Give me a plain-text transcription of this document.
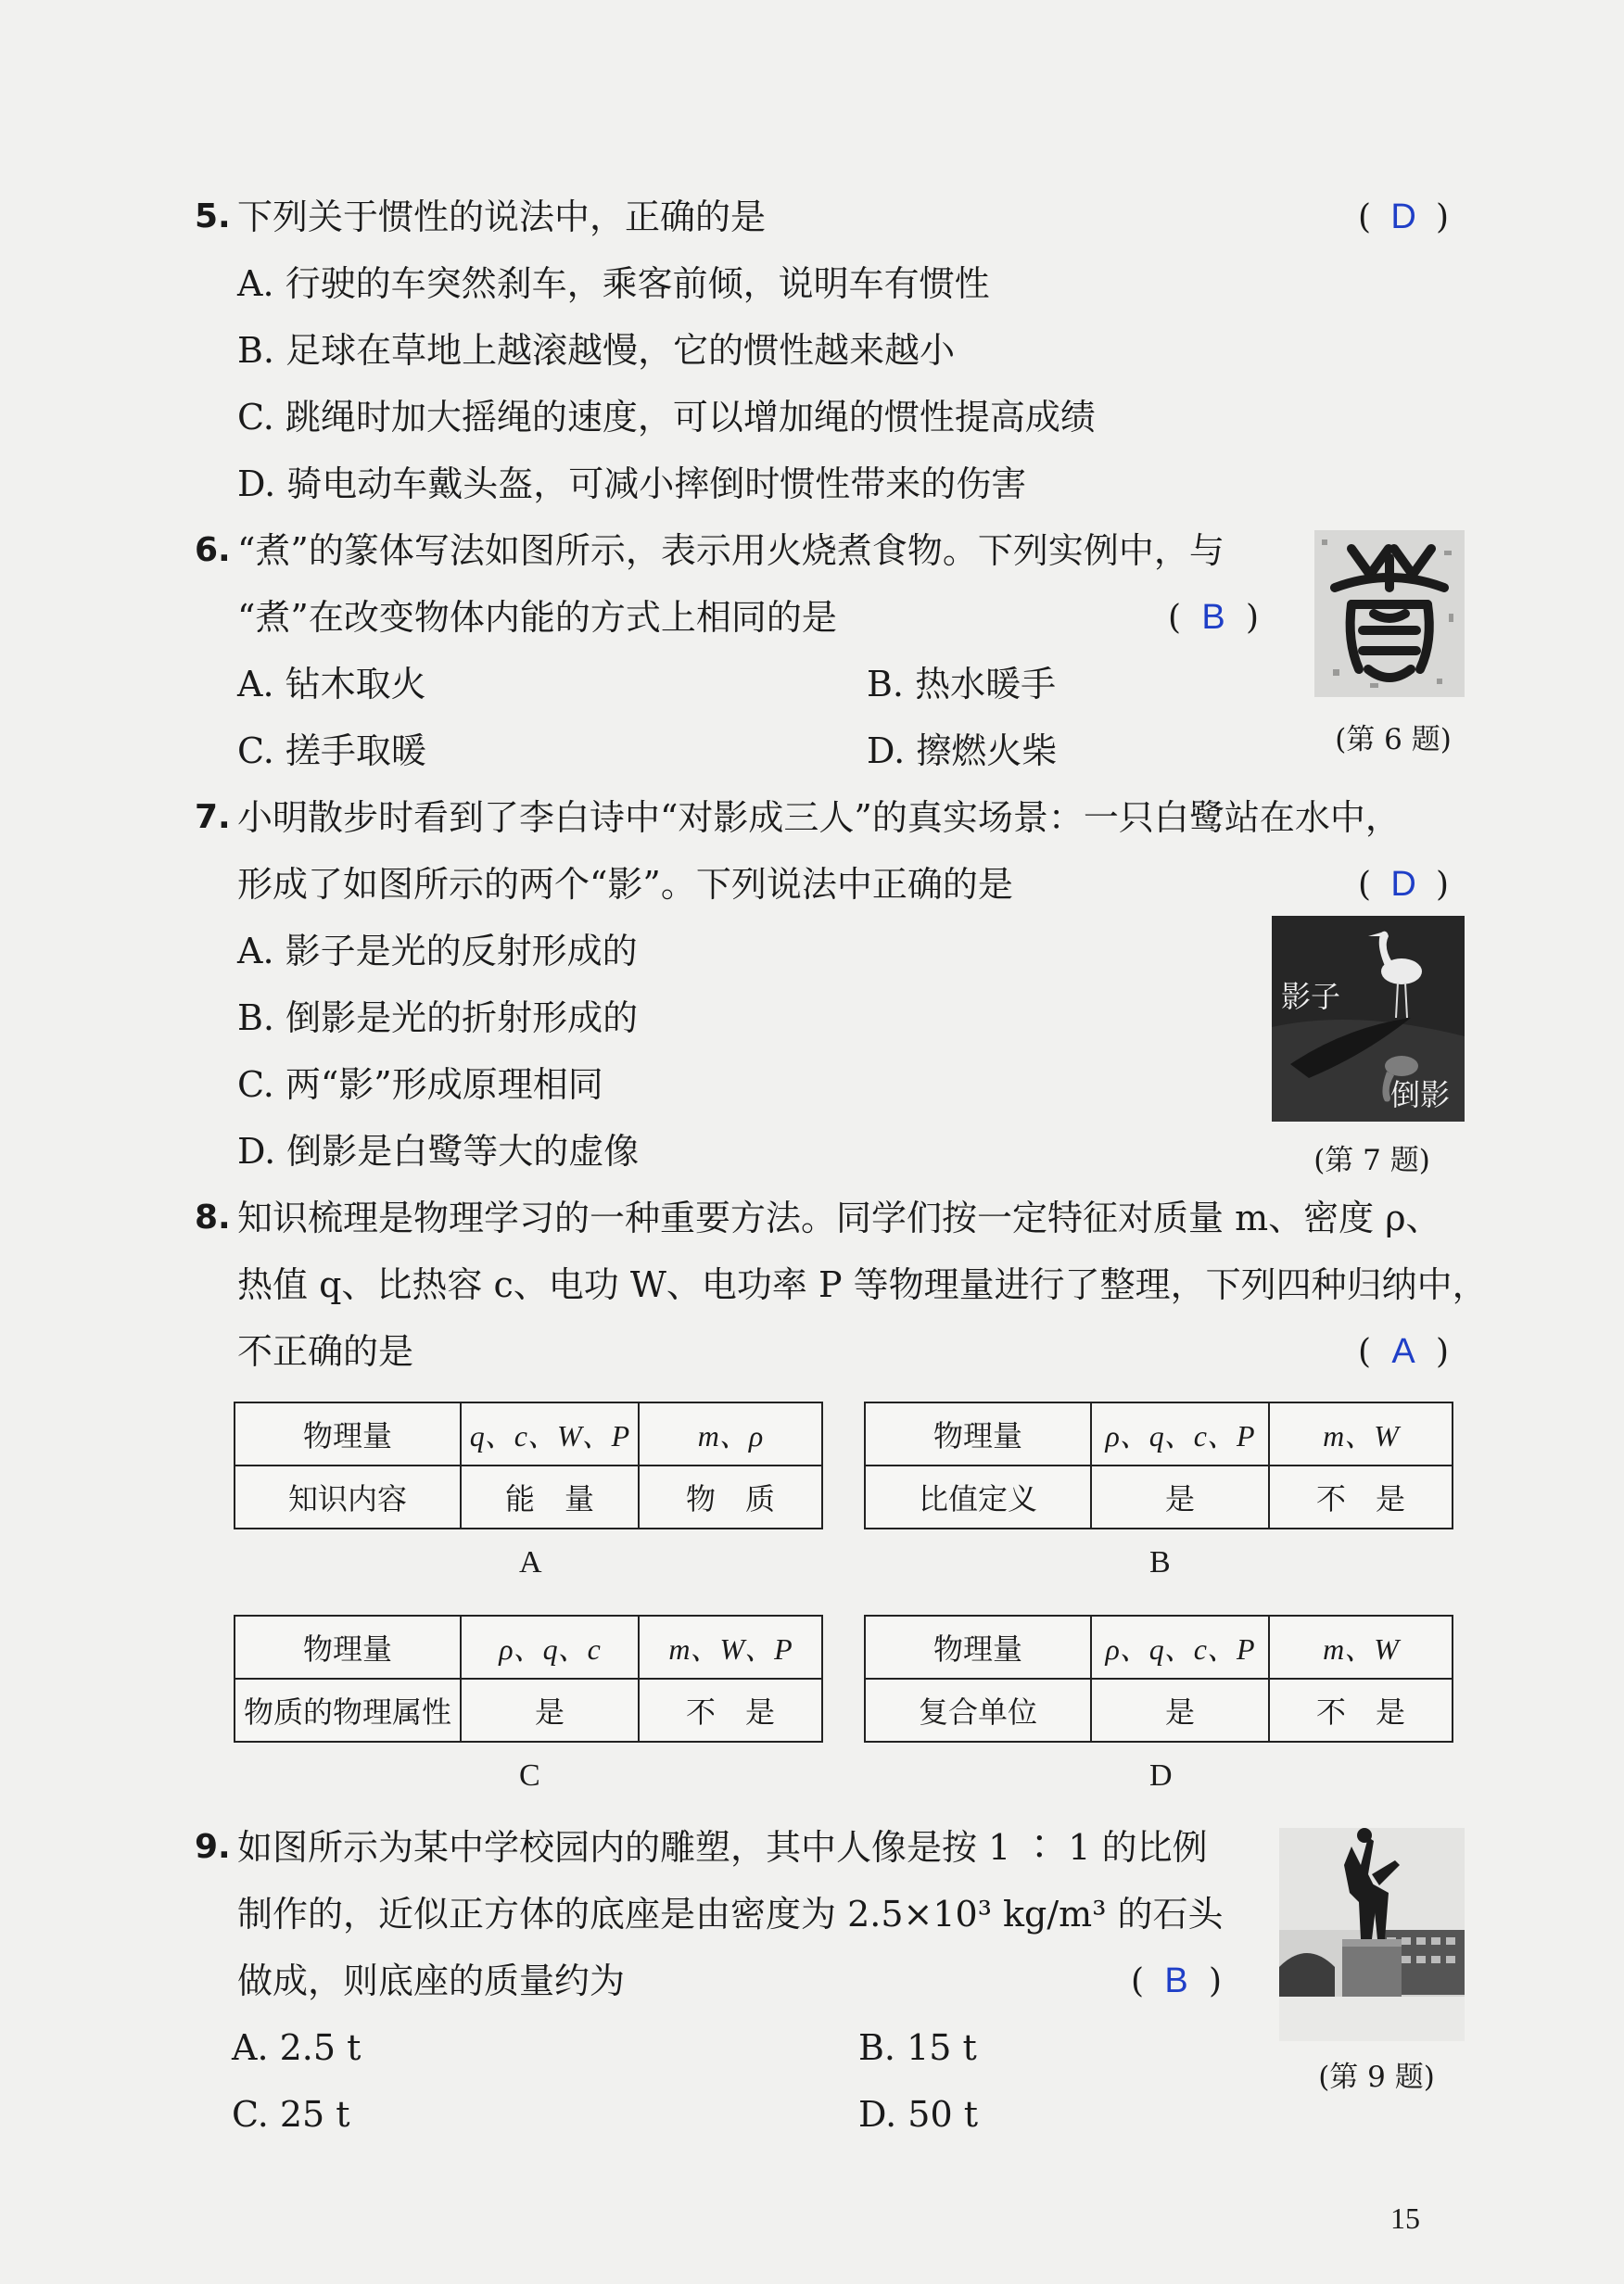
5. 下列关于惯性的说法中，正确的是	( D )
A. 行驶的车突然刹车，乘客前倾，说明车有惯性
B. 足球在草地上越滚越慢，它的惯性越来越小
C. 跳绳时加大摇绳的速度，可以增加绳的惯性提高成绩
D. 骑电动车戴头盔，可减小摔倒时惯性带来的伤害
6. “煮”的篆体写法如图所示，表示用火烧煮食物。下列实例中，与
“煮”在改变物体内能的方式上相同的是	( B )
A. 钻木取火	B. 热水暖手
C. 搓手取暖	D. 擦燃火柴	(第 6 题)
7. 小明散步时看到了李白诗中“对影成三人”的真实场景：一只白鹭站在水中，
形成了如图所示的两个“影”。下列说法中正确的是	( D )
A. 影子是光的反射形成的
B. 倒影是光的折射形成的
C. 两“影”形成原理相同
D. 倒影是白鹭等大的虚像
影子
倒影
(第 7 题)
8. 知识梳理是物理学习的一种重要方法。同学们按一定特征对质量 m、密度 ρ、
热值 q、比热容 c、电功 W、电功率 P 等物理量进行了整理，下列四种归纳中，
不正确的是	( A )
物理量	q、c、W、P	m、ρ
知识内容	能　量	物　质
A
物理量	ρ、q、c、P	m、W
比值定义	是	不　是
B
物理量	ρ、q、c	m、W、P
物质的物理属性	是	不　是
C
物理量	ρ、q、c、P	m、W
复合单位	是	不　是
D
9. 如图所示为某中学校园内的雕塑，其中人像是按 1 ∶ 1 的比例
制作的，近似正方体的底座是由密度为 2.5×10³ kg/m³ 的石头
做成，则底座的质量约为	( B )
A. 2.5 t	B. 15 t
C. 25 t	D. 50 t
(第 9 题)
15
